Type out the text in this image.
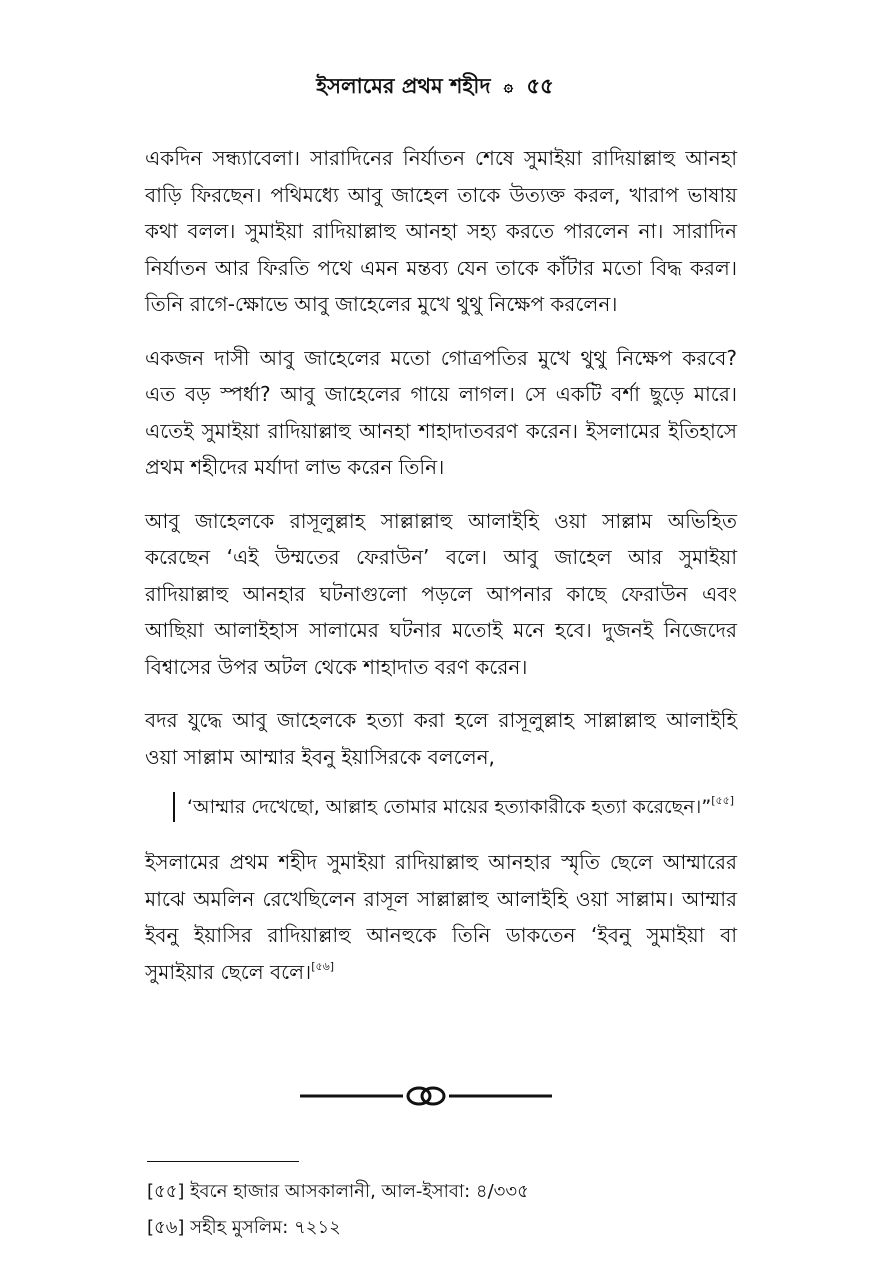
ইসলামের প্রথম শহীদ ۞ ৫৫

একদিন সন্ধ্যাবেলা। সারাদিনের নির্যাতন শেষে সুমাইয়া রাদিয়াল্লাহু আনহা বাড়ি ফিরছেন। পথিমধ্যে আবু জাহেল তাকে উত্যক্ত করল, খারাপ ভাষায় কথা বলল। সুমাইয়া রাদিয়াল্লাহু আনহা সহ্য করতে পারলেন না। সারাদিন নির্যাতন আর ফিরতি পথে এমন মন্তব্য যেন তাকে কাঁটার মতো বিদ্ধ করল। তিনি রাগে-ক্ষোভে আবু জাহেলের মুখে থুথু নিক্ষেপ করলেন।

একজন দাসী আবু জাহেলের মতো গোত্রপতির মুখে থুথু নিক্ষেপ করবে? এত বড় স্পর্ধা? আবু জাহেলের গায়ে লাগল। সে একটি বর্শা ছুড়ে মারে। এতেই সুমাইয়া রাদিয়াল্লাহু আনহা শাহাদাতবরণ করেন। ইসলামের ইতিহাসে প্রথম শহীদের মর্যাদা লাভ করেন তিনি।

আবু জাহেলকে রাসূলুল্লাহ সাল্লাল্লাহু আলাইহি ওয়া সাল্লাম অভিহিত করেছেন ‘এই উম্মতের ফেরাউন’ বলে। আবু জাহেল আর সুমাইয়া রাদিয়াল্লাহু আনহার ঘটনাগুলো পড়লে আপনার কাছে ফেরাউন এবং আছিয়া আলাইহাস সালামের ঘটনার মতোই মনে হবে। দুজনই নিজেদের বিশ্বাসের উপর অটল থেকে শাহাদাত বরণ করেন।

বদর যুদ্ধে আবু জাহেলকে হত্যা করা হলে রাসূলুল্লাহ সাল্লাল্লাহু আলাইহি ওয়া সাল্লাম আম্মার ইবনু ইয়াসিরকে বললেন,

‘আম্মার দেখেছো, আল্লাহ তোমার মায়ের হত্যাকারীকে হত্যা করেছেন।”[৫৫]

ইসলামের প্রথম শহীদ সুমাইয়া রাদিয়াল্লাহু আনহার স্মৃতি ছেলে আম্মারের মাঝে অমলিন রেখেছিলেন রাসূল সাল্লাল্লাহু আলাইহি ওয়া সাল্লাম। আম্মার ইবনু ইয়াসির রাদিয়াল্লাহু আনহুকে তিনি ডাকতেন ‘ইবনু সুমাইয়া বা সুমাইয়ার ছেলে বলে।[৫৬]

[৫৫] ইবনে হাজার আসকালানী, আল-ইসাবা: ৪/৩৩৫
[৫৬] সহীহ মুসলিম: ৭২১২
